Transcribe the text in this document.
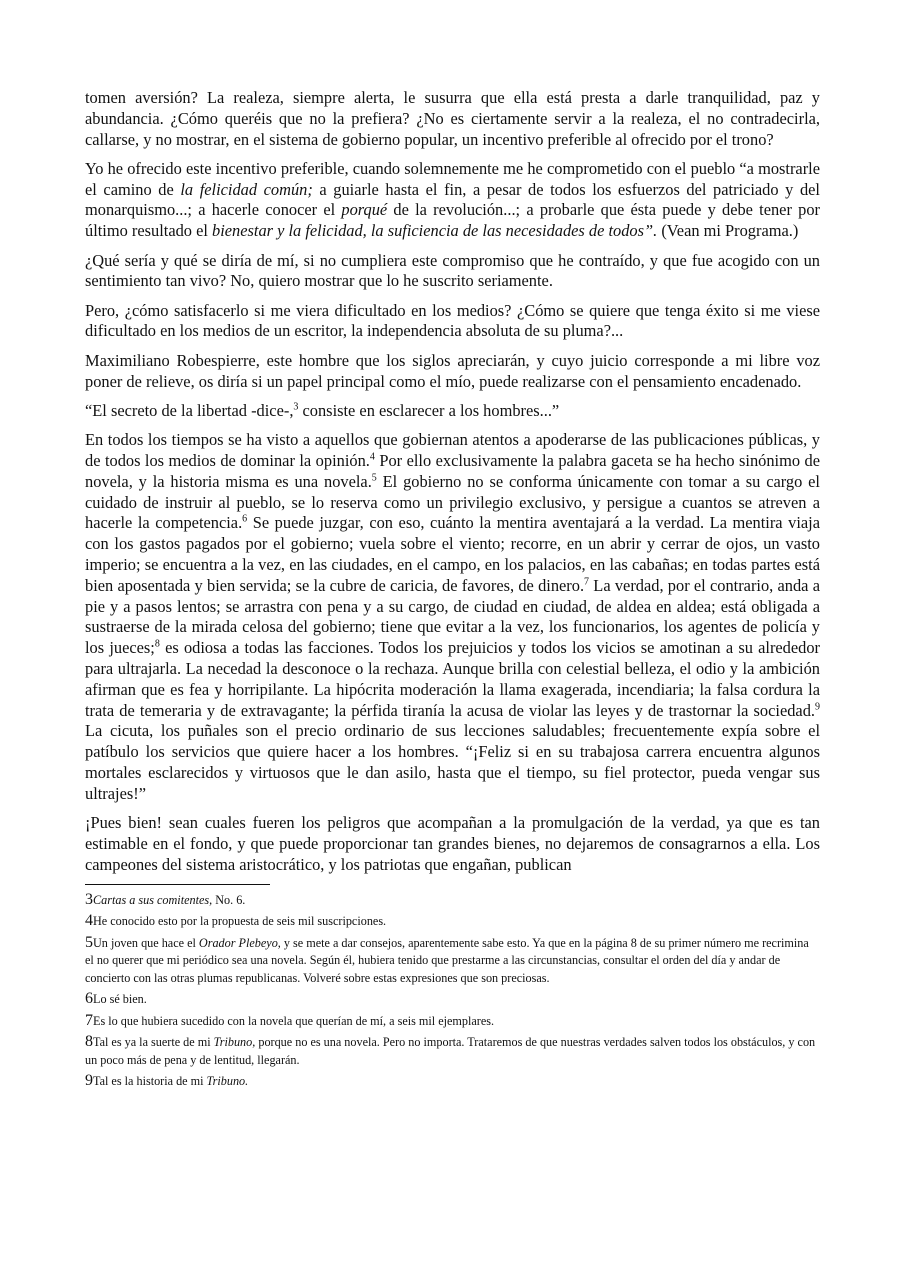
tomen aversión? La realeza, siempre alerta, le susurra que ella está presta a darle tranquilidad, paz y abundancia. ¿Cómo queréis que no la prefiera? ¿No es ciertamente servir a la realeza, el no contradecirla, callarse, y no mostrar, en el sistema de gobierno popular, un incentivo preferible al ofrecido por el trono?

Yo he ofrecido este incentivo preferible, cuando solemnemente me he comprometido con el pueblo “a mostrarle el camino de la felicidad común; a guiarle hasta el fin, a pesar de todos los esfuerzos del patriciado y del monarquismo...; a hacerle conocer el porqué de la revolución...; a probarle que ésta puede y debe tener por último resultado el bienestar y la felicidad, la suficiencia de las necesidades de todos”. (Vean mi Programa.)

¿Qué sería y qué se diría de mí, si no cumpliera este compromiso que he contraído, y que fue acogido con un sentimiento tan vivo? No, quiero mostrar que lo he suscrito seriamente.

Pero, ¿cómo satisfacerlo si me viera dificultado en los medios? ¿Cómo se quiere que tenga éxito si me viese dificultado en los medios de un escritor, la independencia absoluta de su pluma?...

Maximiliano Robespierre, este hombre que los siglos apreciarán, y cuyo juicio corresponde a mi libre voz poner de relieve, os diría si un papel principal como el mío, puede realizarse con el pensamiento encadenado.

“El secreto de la libertad -dice-,$^3$ consiste en esclarecer a los hombres...”

En todos los tiempos se ha visto a aquellos que gobiernan atentos a apoderarse de las publicaciones públicas, y de todos los medios de dominar la opinión.$^4$ Por ello exclusivamente la palabra gaceta se ha hecho sinónimo de novela, y la historia misma es una novela.$^5$ El gobierno no se conforma únicamente con tomar a su cargo el cuidado de instruir al pueblo, se lo reserva como un privilegio exclusivo, y persigue a cuantos se atreven a hacerle la competencia.$^6$ Se puede juzgar, con eso, cuánto la mentira aventajará a la verdad. La mentira viaja con los gastos pagados por el gobierno; vuela sobre el viento; recorre, en un abrir y cerrar de ojos, un vasto imperio; se encuentra a la vez, en las ciudades, en el campo, en los palacios, en las cabañas; en todas partes está bien aposentada y bien servida; se la cubre de caricia, de favores, de dinero.$^7$ La verdad, por el contrario, anda a pie y a pasos lentos; se arrastra con pena y a su cargo, de ciudad en ciudad, de aldea en aldea; está obligada a sustraerse de la mirada celosa del gobierno; tiene que evitar a la vez, los funcionarios, los agentes de policía y los jueces;$^8$ es odiosa a todas las facciones. Todos los prejuicios y todos los vicios se amotinan a su alrededor para ultrajarla. La necedad la desconoce o la rechaza. Aunque brilla con celestial belleza, el odio y la ambición afirman que es fea y horripilante. La hipócrita moderación la llama exagerada, incendiaria; la falsa cordura la trata de temeraria y de extravagante; la pérfida tiranía la acusa de violar las leyes y de trastornar la sociedad.$^9$ La cicuta, los puñales son el precio ordinario de sus lecciones saludables; frecuentemente expía sobre el patíbulo los servicios que quiere hacer a los hombres. “¡Feliz si en su trabajosa carrera encuentra algunos mortales esclarecidos y virtuosos que le dan asilo, hasta que el tiempo, su fiel protector, pueda vengar sus ultrajes!”

¡Pues bien! sean cuales fueren los peligros que acompañan a la promulgación de la verdad, ya que es tan estimable en el fondo, y que puede proporcionar tan grandes bienes, no dejaremos de consagrarnos a ella. Los campeones del sistema aristocrático, y los patriotas que engañan, publican

3Cartas a sus comitentes, No. 6.
4He conocido esto por la propuesta de seis mil suscripciones.
5Un joven que hace el Orador Plebeyo, y se mete a dar consejos, aparentemente sabe esto. Ya que en la página 8 de su primer número me recrimina el no querer que mi periódico sea una novela. Según él, hubiera tenido que prestarme a las circunstancias, consultar el orden del día y andar de concierto con las otras plumas republicanas. Volveré sobre estas expresiones que son preciosas.
6Lo sé bien.
7Es lo que hubiera sucedido con la novela que querían de mí, a seis mil ejemplares.
8Tal es ya la suerte de mi Tribuno, porque no es una novela. Pero no importa. Trataremos de que nuestras verdades salven todos los obstáculos, y con un poco más de pena y de lentitud, llegarán.
9Tal es la historia de mi Tribuno.
